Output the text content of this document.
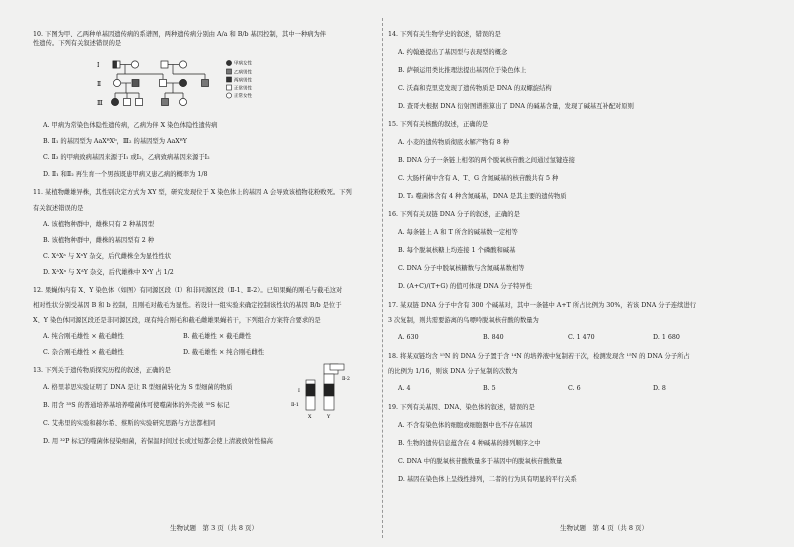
10. 下图为甲、乙两种单基因遗传病的系谱图，两种遗传病分别由 A/a 和 B/b 基因控制，其中一种病为伴

性遗传。下列有关叙述错误的是

Ⅰ
Ⅱ
Ⅲ
甲病女性
乙病男性
两病男性
正常男性
正常女性

A. 甲病为常染色体隐性遗传病，乙病为伴 X 染色体隐性遗传病

B. Ⅱ₁ 的基因型为 AaXᴮXᵇ，Ⅲ₂ 的基因型为 AaXᴮY

C. Ⅱ₃ 的甲病致病基因来源于Ⅰ₁ 或Ⅰ₂，乙病致病基因来源于Ⅰ₂

D. Ⅱ₁ 和Ⅱ₂ 再生育一个男孩既患甲病又患乙病的概率为 1/8

11. 某植物雌雄异株，其性别决定方式为 XY 型，研究发现位于 X 染色体上的基因 A 会导致该植物花粉败死。下列

有关叙述错误的是

A. 该植物种群中，雄株只有 2 种基因型

B. 该植物种群中，雌株的基因型有 2 种

C. XᴬXᵃ 与 XᵃY 杂交，后代雌株全为显性性状

D. XᴬXᵃ 与 XᴬY 杂交，后代雄株中 XᵃY 占 1/2

12. 果蝇体内有 X、Y 染色体（如图）有同源区段（Ⅰ）和非同源区段（Ⅱ-1、Ⅱ-2）。已知果蝇的刚毛与截毛这对

相对性状分别受基因 B 和 b 控制，且刚毛对截毛为显性。若设计一组实验来确定控制该性状的基因 B/b 是位于

X、Y 染色体同源区段还是非同源区段，现有纯合刚毛和截毛雌雄果蝇若干，下列组合方案符合要求的是

A. 纯合刚毛雄性 × 截毛雌性	B. 截毛雄性 × 截毛雌性
C. 杂合刚毛雄性 × 截毛雌性	D. 截毛雄性 × 纯合刚毛雌性

13. 下列关于遗传物质探究历程的叙述，正确的是

A. 格里菲思实验证明了 DNA 是让 R 型细菌转化为 S 型细菌的物质

B. 用含 ³⁵S 的普通培养基培养噬菌体可使噬菌体的外壳被 ³⁵S 标记

C. 艾弗里的实验和赫尔希、蔡斯的实验研究思路与方法都相同

D. 用 ³²P 标记的噬菌体侵染细菌，若保温时间过长或过短都会使上清液放射性偏高

Ⅱ-2
Ⅰ
Ⅱ-1
X	Y

14. 下列有关生物学史的叙述，错误的是

A. 约翰逊提出了基因型与表现型的概念

B. 萨顿运用类比推理法提出基因位于染色体上

C. 沃森和克里克发现了遗传物质是 DNA 的双螺旋结构

D. 查哥夫根据 DNA 衍射图谱推算出了 DNA 的碱基含量，发现了碱基互补配对原则

15. 下列有关核酸的叙述，正确的是

A. 小麦的遗传物质彻底水解产物有 8 种

B. DNA 分子一条链上相邻的两个脱氧核苷酸之间通过氢键连接

C. 大肠杆菌中含有 A、T、G 含氮碱基的核苷酸共有 5 种

D. T₂ 噬菌体含有 4 种含氮碱基，DNA 是其主要的遗传物质

16. 下列有关双链 DNA 分子的叙述，正确的是

A. 每条链上 A 和 T 所含的碱基数一定相等

B. 每个脱氧核糖上均连接 1 个磷酸和碱基

C. DNA 分子中脱氧核糖数与含氮碱基数相等

D. (A+C)/(T+G) 的值可体现 DNA 分子特异性

17. 某双链 DNA 分子中含有 300 个碱基对，其中一条链中 A+T 所占比例为 30%，若该 DNA 分子连续进行

3 次复制，则共需要游离的鸟嘌呤脱氧核苷酸的数量为

A. 630	B. 840	C. 1 470	D. 1 680

18. 将某双链均含 ¹⁵N 的 DNA 分子置于含 ¹⁴N 的培养液中复制若干次，检测发现含 ¹⁵N 的 DNA 分子所占

的比例为 1/16，则该 DNA 分子复制的次数为

A. 4	B. 5	C. 6	D. 8

19. 下列有关基因、DNA、染色体的叙述，错误的是

A. 不含有染色体的细胞或细胞器中也不存在基因

B. 生物的遗传信息蕴含在 4 种碱基的排列顺序之中

C. DNA 中的脱氧核苷酸数量多于基因中的脱氧核苷酸数量

D. 基因在染色体上呈线性排列，二者的行为具有明显的平行关系

生物试题　第 3 页（共 8 页）	生物试题　第 4 页（共 8 页）
